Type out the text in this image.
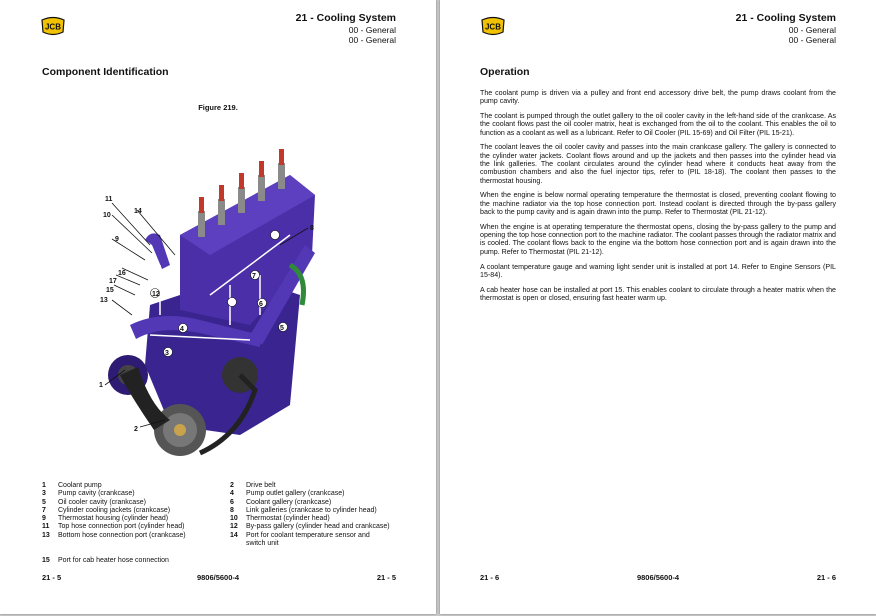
JCB
21 - Cooling System
00 - General
00 - General
Component Identification
Figure 219.
1
2
3
4	5
6
7
8
9
10
11
12
13
14
15
16
17
1	Coolant pump	2	Drive belt
3	Pump cavity (crankcase)	4	Pump outlet gallery (crankcase)
5	Oil cooler cavity (crankcase)	6	Coolant gallery (crankcase)
7	Cylinder cooling jackets (crankcase)	8	Link galleries (crankcase to cylinder head)
9	Thermostat housing (cylinder head)	10	Thermostat (cylinder head)
11	Top hose connection port (cylinder head)	12	By-pass gallery (cylinder head and crankcase)
13	Bottom hose connection port (crankcase)	14	Port for coolant temperature sensor and
switch unit
15	Port for cab heater hose connection
21 - 5	9806/5600-4	21 - 5
JCB
21 - Cooling System
00 - General
00 - General
Operation

The coolant pump is driven via a pulley and front end accessory drive belt, the pump draws coolant from the pump cavity.

The coolant is pumped through the outlet gallery to the oil cooler cavity in the left-hand side of the crankcase. As the coolant flows past the oil cooler matrix, heat is exchanged from the oil to the coolant. This enables the oil to function as a coolant as well as a lubricant. Refer to Oil Cooler (PIL 15-69) and Oil Filter (PIL 15-21).

The coolant leaves the oil cooler cavity and passes into the main crankcase gallery. The gallery is connected to the cylinder water jackets. Coolant flows around and up the jackets and then passes into the cylinder head via the link galleries. The coolant circulates around the cylinder head where it conducts heat away from the combustion chambers and also the fuel injector tips, refer to (PIL 18-18). The coolant then passes to the thermostat housing.

When the engine is below normal operating temperature the thermostat is closed, preventing coolant flowing to the machine radiator via the top hose connection port. Instead coolant is directed through the by-pass gallery back to the pump cavity and is again drawn into the pump. Refer to Thermostat (PIL 21-12).

When the engine is at operating temperature the thermostat opens, closing the by-pass gallery to the pump and opening the top hose connection port to the machine radiator. The coolant passes through the radiator matrix and is cooled. The coolant flows back to the engine via the bottom hose connection port and is again drawn into the pump. Refer to Thermostat (PIL 21-12).

A coolant temperature gauge and warning light sender unit is installed at port 14. Refer to Engine Sensors (PIL 15-84).

A cab heater hose can be installed at port 15. This enables coolant to circulate through a heater matrix when the thermostat is open or closed, ensuring fast heater warm up.

21 - 6	9806/5600-4	21 - 6
